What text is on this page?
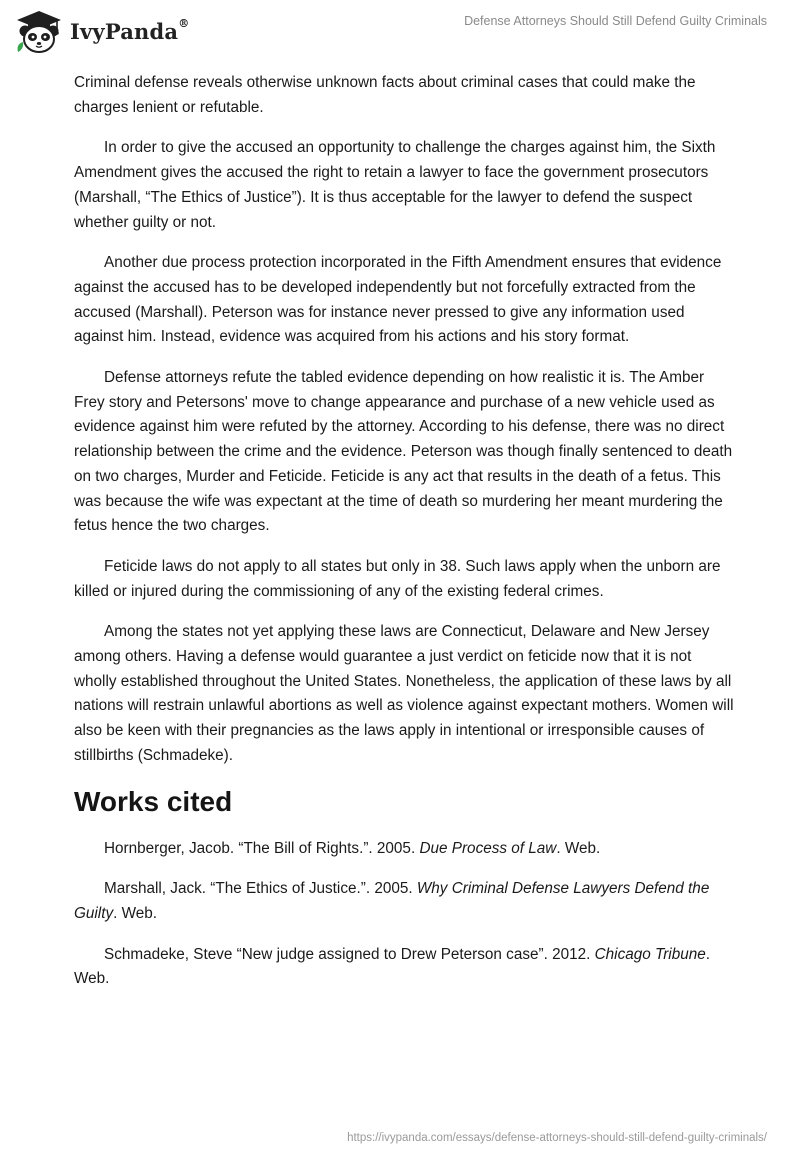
IvyPanda®	Defense Attorneys Should Still Defend Guilty Criminals

Criminal defense reveals otherwise unknown facts about criminal cases that could make the charges lenient or refutable.

In order to give the accused an opportunity to challenge the charges against him, the Sixth Amendment gives the accused the right to retain a lawyer to face the government prosecutors (Marshall, “The Ethics of Justice”). It is thus acceptable for the lawyer to defend the suspect whether guilty or not.

Another due process protection incorporated in the Fifth Amendment ensures that evidence against the accused has to be developed independently but not forcefully extracted from the accused (Marshall). Peterson was for instance never pressed to give any information used against him. Instead, evidence was acquired from his actions and his story format.

Defense attorneys refute the tabled evidence depending on how realistic it is. The Amber Frey story and Petersons' move to change appearance and purchase of a new vehicle used as evidence against him were refuted by the attorney. According to his defense, there was no direct relationship between the crime and the evidence. Peterson was though finally sentenced to death on two charges, Murder and Feticide. Feticide is any act that results in the death of a fetus. This was because the wife was expectant at the time of death so murdering her meant murdering the fetus hence the two charges.

Feticide laws do not apply to all states but only in 38. Such laws apply when the unborn are killed or injured during the commissioning of any of the existing federal crimes.

Among the states not yet applying these laws are Connecticut, Delaware and New Jersey among others. Having a defense would guarantee a just verdict on feticide now that it is not wholly established throughout the United States. Nonetheless, the application of these laws by all nations will restrain unlawful abortions as well as violence against expectant mothers. Women will also be keen with their pregnancies as the laws apply in intentional or irresponsible causes of stillbirths (Schmadeke).

Works cited

Hornberger, Jacob. “The Bill of Rights.”. 2005. Due Process of Law. Web.

Marshall, Jack. “The Ethics of Justice.”. 2005. Why Criminal Defense Lawyers Defend the Guilty. Web.

Schmadeke, Steve “New judge assigned to Drew Peterson case”. 2012. Chicago Tribune. Web.

https://ivypanda.com/essays/defense-attorneys-should-still-defend-guilty-criminals/
